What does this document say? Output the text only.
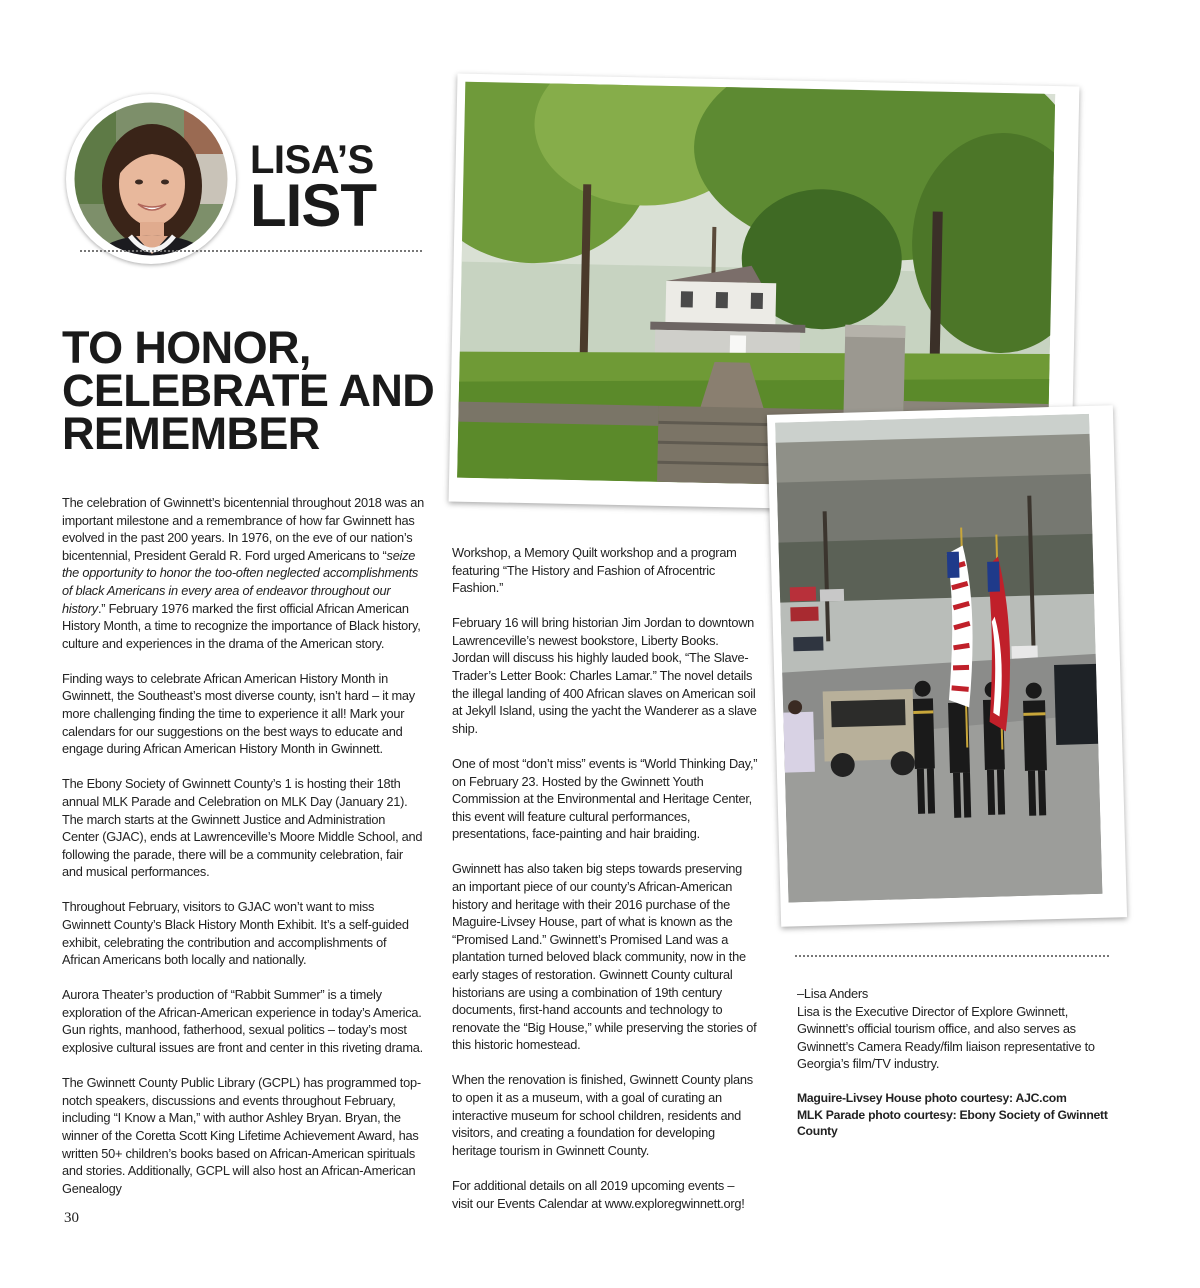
LISA’S
LIST
TO HONOR,
CELEBRATE AND
REMEMBER

The celebration of Gwinnett’s bicentennial throughout 2018 was an important milestone and a remembrance of how far Gwinnett has evolved in the past 200 years. In 1976, on the eve of our nation’s bicentennial, President Gerald R. Ford urged Americans to “seize the opportunity to honor the too-often neglected accomplishments of black Americans in every area of endeavor throughout our history.” February 1976 marked the first official African American History Month, a time to recognize the importance of Black history, culture and experiences in the drama of the American story.

Finding ways to celebrate African American History Month in Gwinnett, the Southeast’s most diverse county, isn’t hard – it may more challenging finding the time to experience it all! Mark your calendars for our suggestions on the best ways to educate and engage during African American History Month in Gwinnett.

The Ebony Society of Gwinnett County’s 1 is hosting their 18th annual MLK Parade and Celebration on MLK Day (January 21). The march starts at the Gwinnett Justice and Administration Center (GJAC), ends at Lawrenceville’s Moore Middle School, and following the parade, there will be a community celebration, fair and musical performances.

Throughout February, visitors to GJAC won’t want to miss Gwinnett County’s Black History Month Exhibit. It’s a self-guided exhibit, celebrating the contribution and accomplishments of African Americans both locally and nationally.

Aurora Theater’s production of “Rabbit Summer” is a timely exploration of the African-American experience in today’s America. Gun rights, manhood, fatherhood, sexual politics – today’s most explosive cultural issues are front and center in this riveting drama.

The Gwinnett County Public Library (GCPL) has programmed top-notch speakers, discussions and events throughout February, including “I Know a Man,” with author Ashley Bryan. Bryan, the winner of the Coretta Scott King Lifetime Achievement Award, has written 50+ children’s books based on African-American spirituals and stories. Additionally, GCPL will also host an African-American Genealogy

Workshop, a Memory Quilt workshop and a program featuring “The History and Fashion of Afrocentric Fashion.”

February 16 will bring historian Jim Jordan to downtown Lawrenceville’s newest bookstore, Liberty Books. Jordan will discuss his highly lauded book, “The Slave-Trader’s Letter Book: Charles Lamar.” The novel details the illegal landing of 400 African slaves on American soil at Jekyll Island, using the yacht the Wanderer as a slave ship.

One of most “don’t miss” events is “World Thinking Day,” on February 23. Hosted by the Gwinnett Youth Commission at the Environmental and Heritage Center, this event will feature cultural performances, presentations, face-painting and hair braiding.

Gwinnett has also taken big steps towards preserving an important piece of our county’s African-American history and heritage with their 2016 purchase of the Maguire-Livsey House, part of what is known as the “Promised Land.” Gwinnett’s Promised Land was a plantation turned beloved black community, now in the early stages of restoration. Gwinnett County cultural historians are using a combination of 19th century documents, first-hand accounts and technology to renovate the “Big House,” while preserving the stories of this historic homestead.

When the renovation is finished, Gwinnett County plans to open it as a museum, with a goal of curating an interactive museum for school children, residents and visitors, and creating a foundation for developing heritage tourism in Gwinnett County.

For additional details on all 2019 upcoming events – visit our Events Calendar at www.exploregwinnett.org!

–Lisa Anders

Lisa is the Executive Director of Explore Gwinnett, Gwinnett’s official tourism office, and also serves as Gwinnett’s Camera Ready/film liaison representative to Georgia’s film/TV industry.

Maguire-Livsey House photo courtesy: AJC.com
MLK Parade photo courtesy: Ebony Society of Gwinnett County
30
